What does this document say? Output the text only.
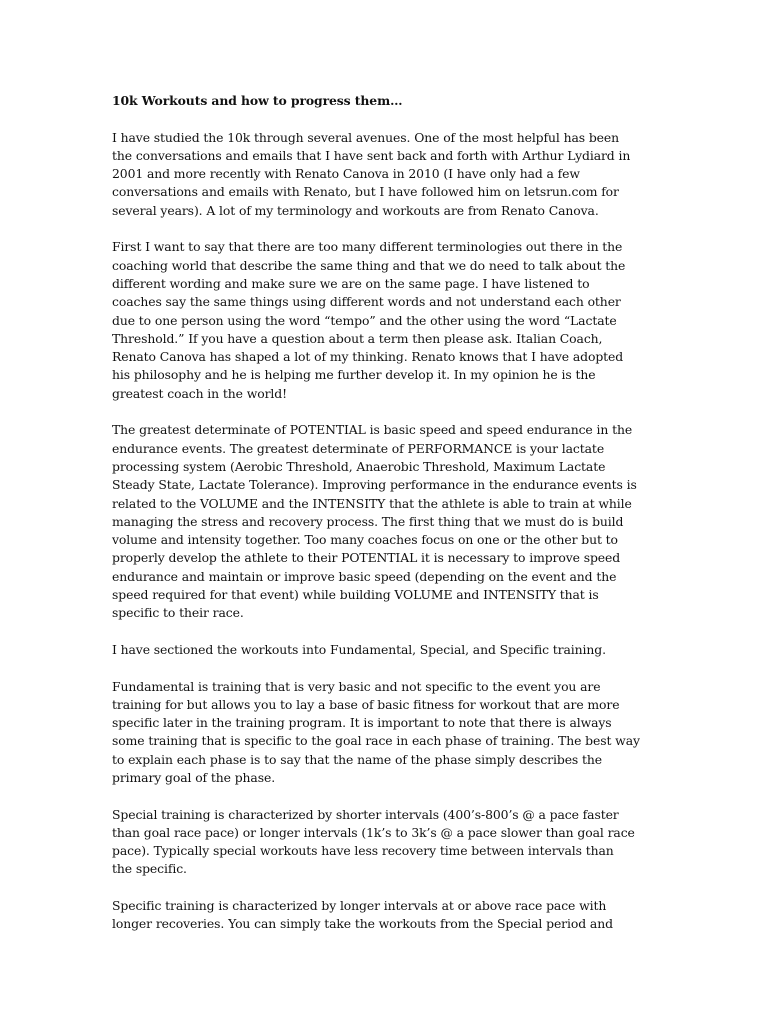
10k Workouts and how to progress them…
I have studied the 10k through several avenues. One of the most helpful has been
the conversations and emails that I have sent back and forth with Arthur Lydiard in
2001 and more recently with Renato Canova in 2010 (I have only had a few
conversations and emails with Renato, but I have followed him on letsrun.com for
several years). A lot of my terminology and workouts are from Renato Canova.
First I want to say that there are too many different terminologies out there in the
coaching world that describe the same thing and that we do need to talk about the
different wording and make sure we are on the same page. I have listened to
coaches say the same things using different words and not understand each other
due to one person using the word “tempo” and the other using the word “Lactate
Threshold.” If you have a question about a term then please ask. Italian Coach,
Renato Canova has shaped a lot of my thinking. Renato knows that I have adopted
his philosophy and he is helping me further develop it. In my opinion he is the
greatest coach in the world!
The greatest determinate of POTENTIAL is basic speed and speed endurance in the
endurance events. The greatest determinate of PERFORMANCE is your lactate
processing system (Aerobic Threshold, Anaerobic Threshold, Maximum Lactate
Steady State, Lactate Tolerance). Improving performance in the endurance events is
related to the VOLUME and the INTENSITY that the athlete is able to train at while
managing the stress and recovery process. The first thing that we must do is build
volume and intensity together. Too many coaches focus on one or the other but to
properly develop the athlete to their POTENTIAL it is necessary to improve speed
endurance and maintain or improve basic speed (depending on the event and the
speed required for that event) while building VOLUME and INTENSITY that is
specific to their race.
I have sectioned the workouts into Fundamental, Special, and Specific training.
Fundamental is training that is very basic and not specific to the event you are
training for but allows you to lay a base of basic fitness for workout that are more
specific later in the training program. It is important to note that there is always
some training that is specific to the goal race in each phase of training. The best way
to explain each phase is to say that the name of the phase simply describes the
primary goal of the phase.
Special training is characterized by shorter intervals (400’s-800’s @ a pace faster
than goal race pace) or longer intervals (1k’s to 3k’s @ a pace slower than goal race
pace). Typically special workouts have less recovery time between intervals than
the specific.
Specific training is characterized by longer intervals at or above race pace with
longer recoveries. You can simply take the workouts from the Special period and
